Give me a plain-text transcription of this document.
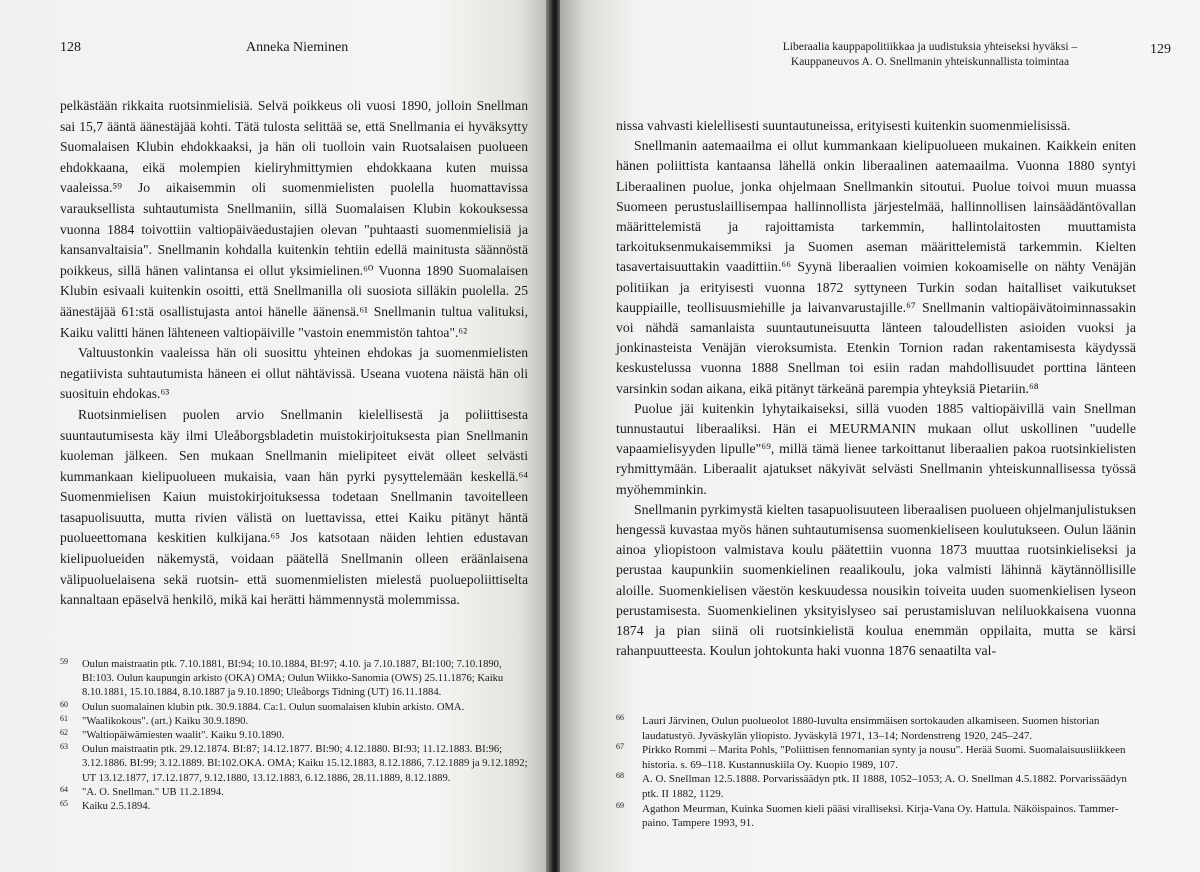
128	Anneka Nieminen

pelkästään rikkaita ruotsinmielisiä. Selvä poikkeus oli vuosi 1890, jolloin Snellman sai 15,7 ääntä äänestäjää kohti. Tätä tulosta selittää se, että Snellmania ei hyväksytty Suomalaisen Klubin ehdokkaaksi, ja hän oli tuolloin vain Ruotsalaisen puolueen ehdokkaana, eikä molempien kieliryhmittymien ehdokkaana kuten muissa vaaleissa.⁵⁹ Jo aikaisemmin oli suomenmielisten puolella huomattavissa varauksellista suhtautumista Snellmaniin, sillä Suomalaisen Klubin kokouksessa vuonna 1884 toivottiin valtiopäiväedustajien olevan "puhtaasti suomenmielisiä ja kansanvaltaisia". Snellmanin kohdalla kuitenkin tehtiin edellä mainitusta säännöstä poikkeus, sillä hänen valintansa ei ollut yksimielinen.⁶⁰ Vuonna 1890 Suomalaisen Klubin esivaali kuitenkin osoitti, että Snellmanilla oli suosiota silläkin puolella. 25 äänestäjää 61:stä osallistujasta antoi hänelle äänensä.⁶¹ Snellmanin tultua valituksi, Kaiku valitti hänen lähteneen valtiopäiville "vastoin enemmistön tahtoa".⁶²

Valtuustonkin vaaleissa hän oli suosittu yhteinen ehdokas ja suomenmielisten negatiivista suhtautumista häneen ei ollut nähtävissä. Useana vuotena näistä hän oli suosituin ehdokas.⁶³

Ruotsinmielisen puolen arvio Snellmanin kielellisestä ja poliittisesta suuntautumisesta käy ilmi Uleåborgsbladetin muistokirjoituksesta pian Snellmanin kuoleman jälkeen. Sen mukaan Snellmanin mielipiteet eivät olleet selvästi kummankaan kielipuolueen mukaisia, vaan hän pyrki pysyttelemään keskellä.⁶⁴ Suomenmielisen Kaiun muistokirjoituksessa todetaan Snellmanin tavoitelleen tasapuolisuutta, mutta rivien välistä on luettavissa, ettei Kaiku pitänyt häntä puolueettomana keskitien kulkijana.⁶⁵ Jos katsotaan näiden lehtien edustavan kielipuolueiden näkemystä, voidaan päätellä Snellmanin olleen eräänlaisena välipuoluelaisena sekä ruotsin- että suomenmielisten mielestä puoluepoliittiselta kannaltaan epäselvä henkilö, mikä kai herätti hämmennystä molemmissa.

59 Oulun maistraatin ptk. 7.10.1881, BI:94; 10.10.1884, BI:97; 4.10. ja 7.10.1887, BI:100; 7.10.1890, BI:103. Oulun kaupungin arkisto (OKA) OMA; Oulun Wiikko-Sanomia (OWS) 25.11.1876; Kaiku 8.10.1881, 15.10.1884, 8.10.1887 ja 9.10.1890; Uleåborgs Tidning (UT) 16.11.1884.
60 Oulun suomalainen klubin ptk. 30.9.1884. Ca:1. Oulun suomalaisen klubin arkisto. OMA.
61 "Waalikokous". (art.) Kaiku 30.9.1890.
62 "Waltiopäiwämiesten waalit". Kaiku 9.10.1890.
63 Oulun maistraatin ptk. 29.12.1874. BI:87; 14.12.1877. BI:90; 4.12.1880. BI:93; 11.12.1883. BI:96; 3.12.1886. BI:99; 3.12.1889. BI:102.OKA. OMA; Kaiku 15.12.1883, 8.12.1886, 7.12.1889 ja 9.12.1892; UT 13.12.1877, 17.12.1877, 9.12.1880, 13.12.1883, 6.12.1886, 28.11.1889, 8.12.1889.
64 "A. O. Snellman." UB 11.2.1894.
65 Kaiku 2.5.1894.
Liberaalia kauppapolitiikkaa ja uudistuksia yhteiseksi hyväksi –
Kauppaneuvos A. O. Snellmanin yhteiskunnallista toimintaa
129

nissa vahvasti kielellisesti suuntautuneissa, erityisesti kuitenkin suomenmielisissä.

Snellmanin aatemaailma ei ollut kummankaan kielipuolueen mukainen. Kaikkein eniten hänen poliittista kantaansa lähellä onkin liberaalinen aatemaailma. Vuonna 1880 syntyi Liberaalinen puolue, jonka ohjelmaan Snellmankin sitoutui. Puolue toivoi muun muassa Suomeen perustuslaillisempaa hallinnollista järjestelmää, hallinnollisen lainsäädäntövallan määrittelemistä ja rajoittamista tarkemmin, hallintolaitosten muuttamista tarkoituksenmukaisemmiksi ja Suomen aseman määrittelemistä tarkemmin. Kielten tasavertaisuuttakin vaadittiin.⁶⁶ Syynä liberaalien voimien kokoamiselle on nähty Venäjän politiikan ja erityisesti vuonna 1872 syttyneen Turkin sodan haitalliset vaikutukset kauppiaille, teollisuusmiehille ja laivanvarustajille.⁶⁷ Snellmanin valtiopäivätoiminnassakin voi nähdä samanlaista suuntautuneisuutta länteen taloudellisten asioiden vuoksi ja jonkinasteista Venäjän vieroksumista. Etenkin Tornion radan rakentamisesta käydyssä keskustelussa vuonna 1888 Snellman toi esiin radan mahdollisuudet porttina länteen varsinkin sodan aikana, eikä pitänyt tärkeänä parempia yhteyksiä Pietariin.⁶⁸

Puolue jäi kuitenkin lyhytaikaiseksi, sillä vuoden 1885 valtiopäivillä vain Snellman tunnustautui liberaaliksi. Hän ei MEURMANIN mukaan ollut uskollinen "uudelle vapaamielisyyden lipulle"⁶⁹, millä tämä lienee tarkoittanut liberaalien pakoa ruotsinkielisten ryhmittymään. Liberaalit ajatukset näkyivät selvästi Snellmanin yhteiskunnallisessa työssä myöhemminkin.

Snellmanin pyrkimystä kielten tasapuolisuuteen liberaalisen puolueen ohjelmanjulistuksen hengessä kuvastaa myös hänen suhtautumisensa suomenkieliseen koulutukseen. Oulun läänin ainoa yliopistoon valmistava koulu päätettiin vuonna 1873 muuttaa ruotsinkieliseksi ja perustaa kaupunkiin suomenkielinen reaalikoulu, joka valmisti lähinnä käytännöllisille aloille. Suomenkielisen väestön keskuudessa nousikin toiveita uuden suomenkielisen lyseon perustamisesta. Suomenkielinen yksityislyseo sai perustamisluvan neliluokkaisena vuonna 1874 ja pian siinä oli ruotsinkielistä koulua enemmän oppilaita, mutta se kärsi rahanpuutteesta. Koulun johtokunta haki vuonna 1876 senaatilta val-

66 Lauri Järvinen, Oulun puolueolot 1880-luvulta ensimmäisen sortokauden alkamiseen. Suomen historian laudatustyö. Jyväskylän yliopisto. Jyväskylä 1971, 13–14; Nordenstreng 1920, 245–247.
67 Pirkko Rommi – Marita Pohls, "Poliittisen fennomanian synty ja nousu". Herää Suomi. Suomalaisuusliikkeen historia. s. 69–118. Kustannuskiila Oy. Kuopio 1989, 107.
68 A. O. Snellman 12.5.1888. Porvarissäädyn ptk. II 1888, 1052–1053; A. O. Snellman 4.5.1882. Porvarissäädyn ptk. II 1882, 1129.
69 Agathon Meurman, Kuinka Suomen kieli pääsi viralliseksi. Kirja-Vana Oy. Hattula. Näköispainos. Tammer-paino. Tampere 1993, 91.
